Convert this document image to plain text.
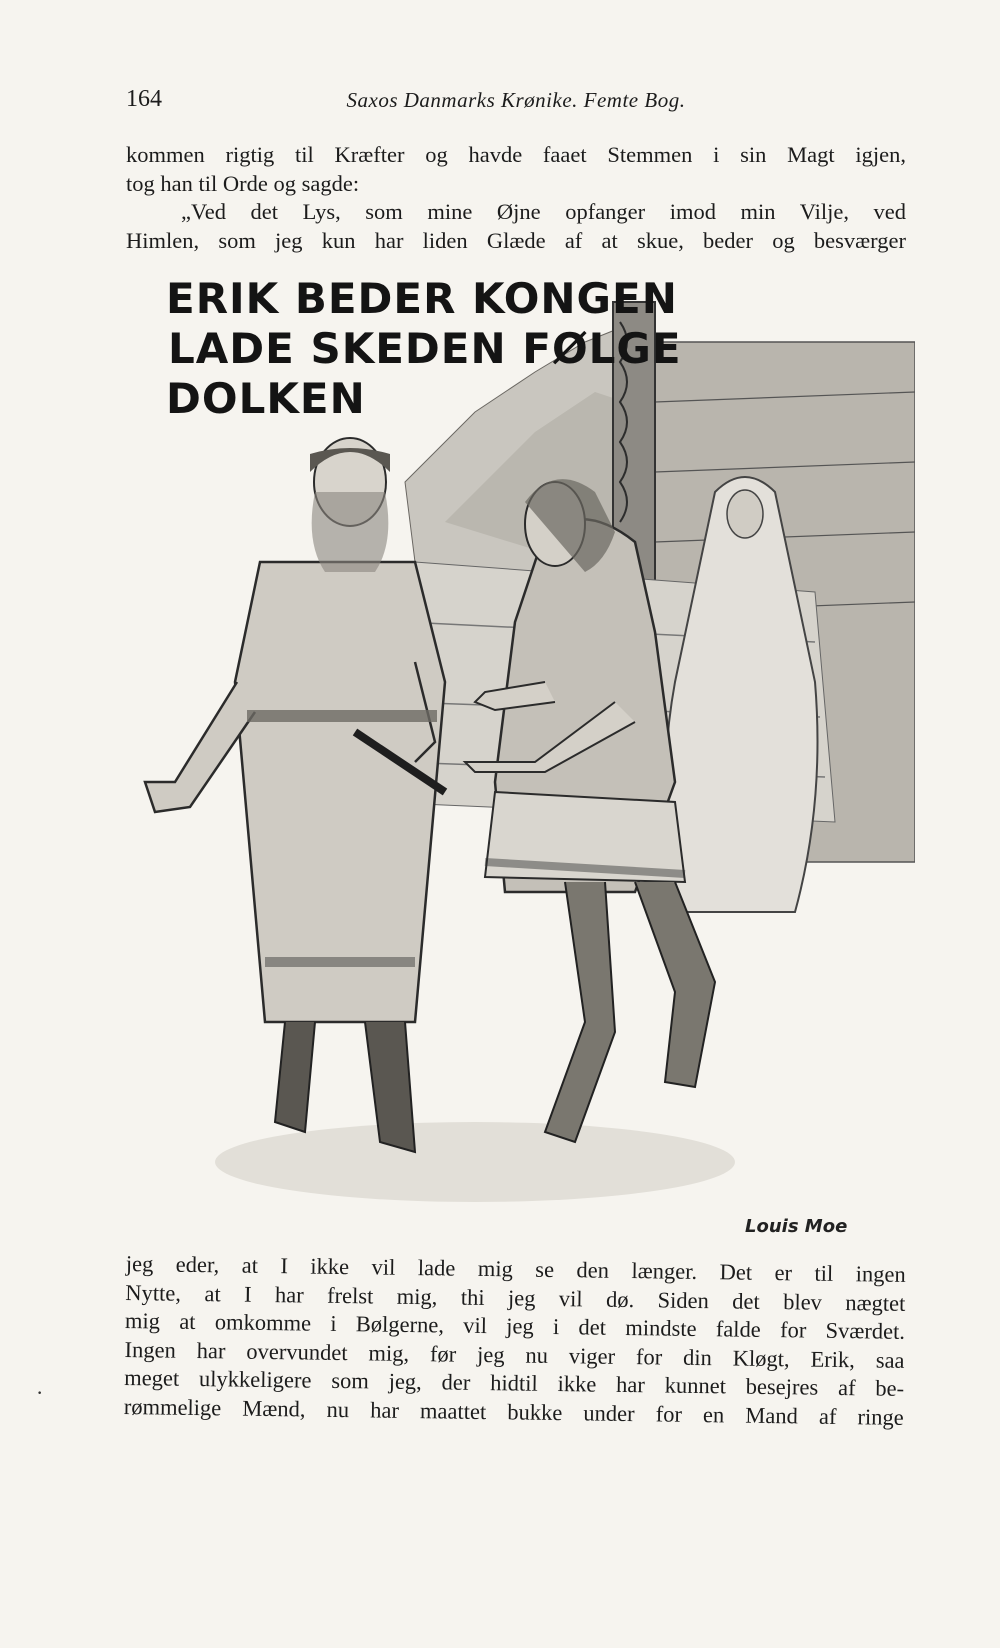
164	Saxos Danmarks Krønike. Femte Bog.
kommen rigtig til Kræfter og havde faaet Stemmen i sin Magt igjen,
tog han til Orde og sagde:
„Ved det Lys, som mine Øjne opfanger imod min Vilje, ved
Himlen, som jeg kun har liden Glæde af at skue, beder og besværger
ERIK BEDER KONGEN
LADE SKEDEN FØLGE
DOLKEN
Louis Moe
jeg eder, at I ikke vil lade mig se den længer. Det er til ingen
Nytte, at I har frelst mig, thi jeg vil dø. Siden det blev nægtet
mig at omkomme i Bølgerne, vil jeg i det mindste falde for Sværdet.
Ingen har overvundet mig, før jeg nu viger for din Kløgt, Erik, saa
meget ulykkeligere som jeg, der hidtil ikke har kunnet besejres af be-
rømmelige Mænd, nu har maattet bukke under for en Mand af ringe
·
